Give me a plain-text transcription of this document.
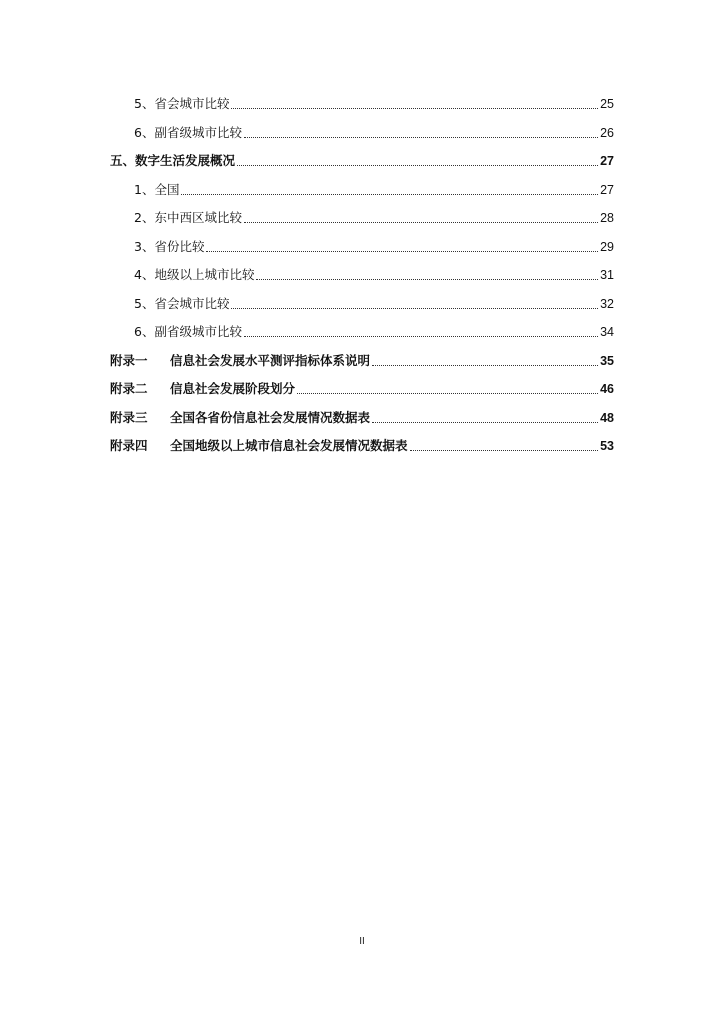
5、省会城市比较	25
6、副省级城市比较	26
五、数字生活发展概况	27
1、全国	27
2、东中西区域比较	28
3、省份比较	29
4、地级以上城市比较	31
5、省会城市比较	32
6、副省级城市比较	34
附录一 信息社会发展水平测评指标体系说明	35
附录二 信息社会发展阶段划分	46
附录三 全国各省份信息社会发展情况数据表	48
附录四 全国地级以上城市信息社会发展情况数据表	53
II
